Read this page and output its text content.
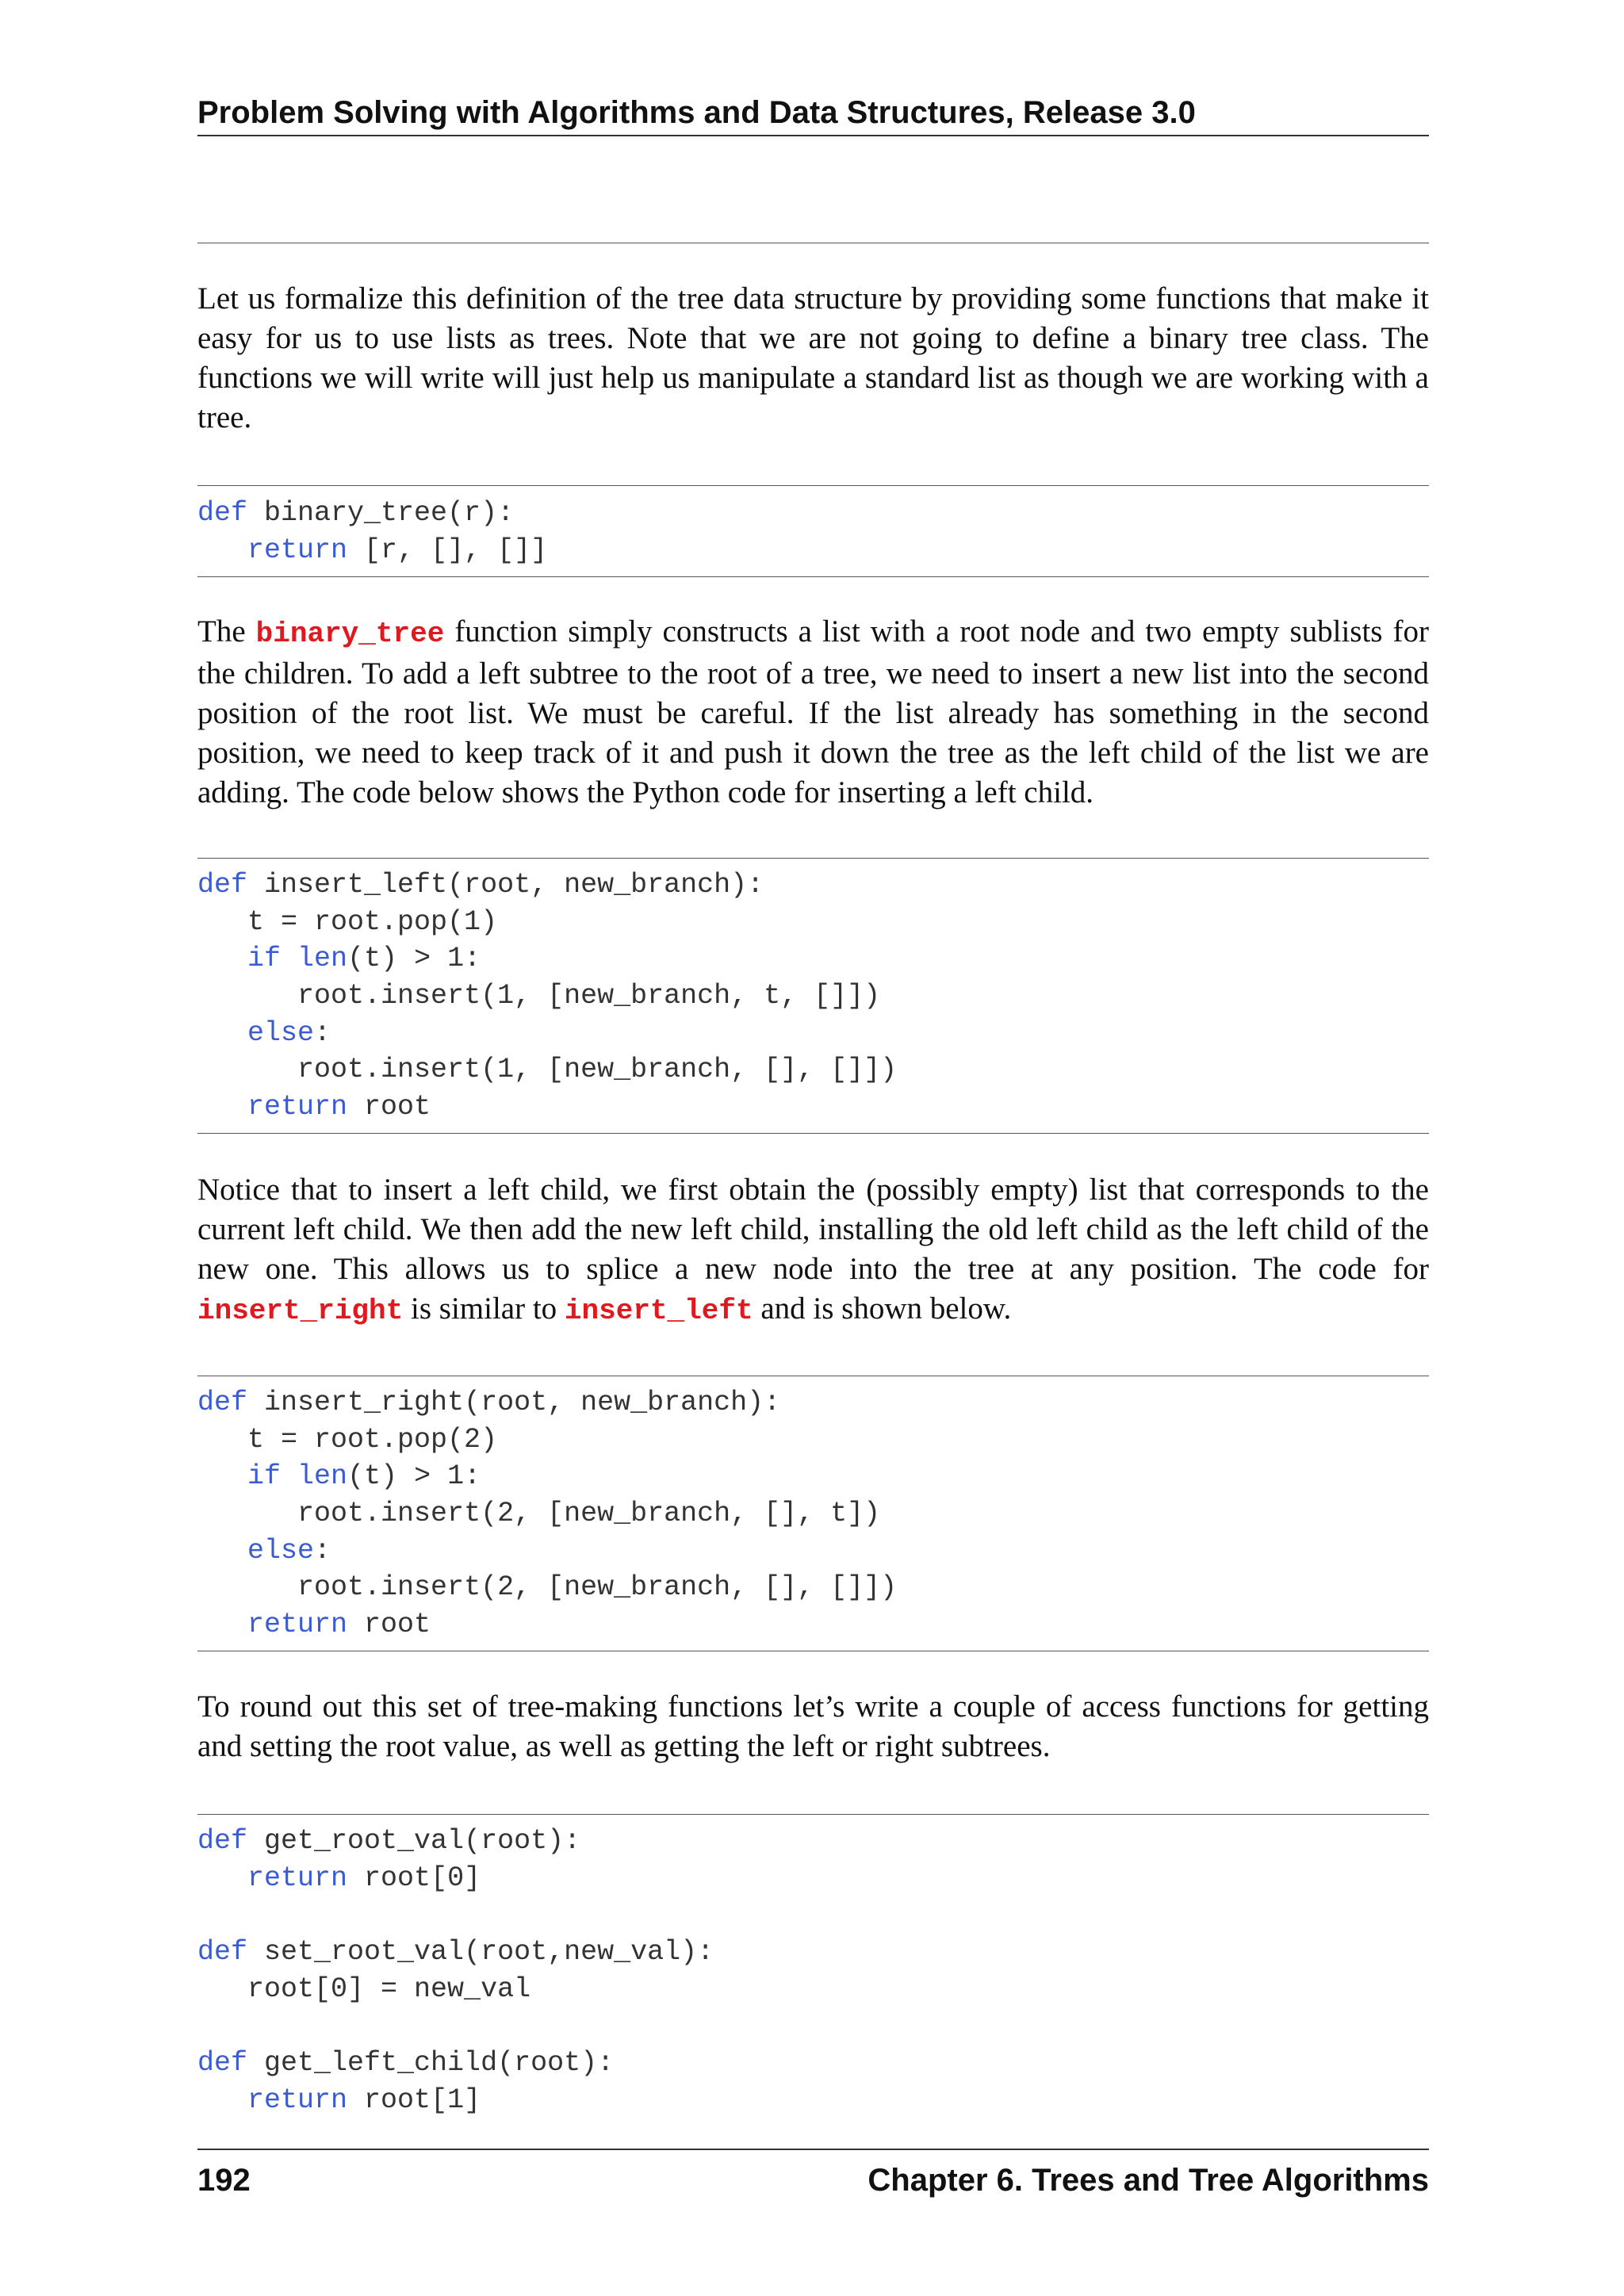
Problem Solving with Algorithms and Data Structures, Release 3.0
Let us formalize this definition of the tree data structure by providing some functions that make it easy for us to use lists as trees. Note that we are not going to define a binary tree class. The functions we will write will just help us manipulate a standard list as though we are working with a tree.
def binary_tree(r):
return [r, [], []]
The binary_tree function simply constructs a list with a root node and two empty sublists for the children. To add a left subtree to the root of a tree, we need to insert a new list into the second position of the root list. We must be careful. If the list already has something in the second position, we need to keep track of it and push it down the tree as the left child of the list we are adding. The code below shows the Python code for inserting a left child.
def insert_left(root, new_branch):
t = root.pop(1)
if len(t) > 1:
root.insert(1, [new_branch, t, []])
else:
root.insert(1, [new_branch, [], []])
return root
Notice that to insert a left child, we first obtain the (possibly empty) list that corresponds to the current left child. We then add the new left child, installing the old left child as the left child of the new one. This allows us to splice a new node into the tree at any position. The code for insert_right is similar to insert_left and is shown below.
def insert_right(root, new_branch):
t = root.pop(2)
if len(t) > 1:
root.insert(2, [new_branch, [], t])
else:
root.insert(2, [new_branch, [], []])
return root
To round out this set of tree-making functions let’s write a couple of access functions for getting and setting the root value, as well as getting the left or right subtrees.
def get_root_val(root):
return root[0]

def set_root_val(root,new_val):
root[0] = new_val

def get_left_child(root):
return root[1]
192	Chapter 6. Trees and Tree Algorithms
